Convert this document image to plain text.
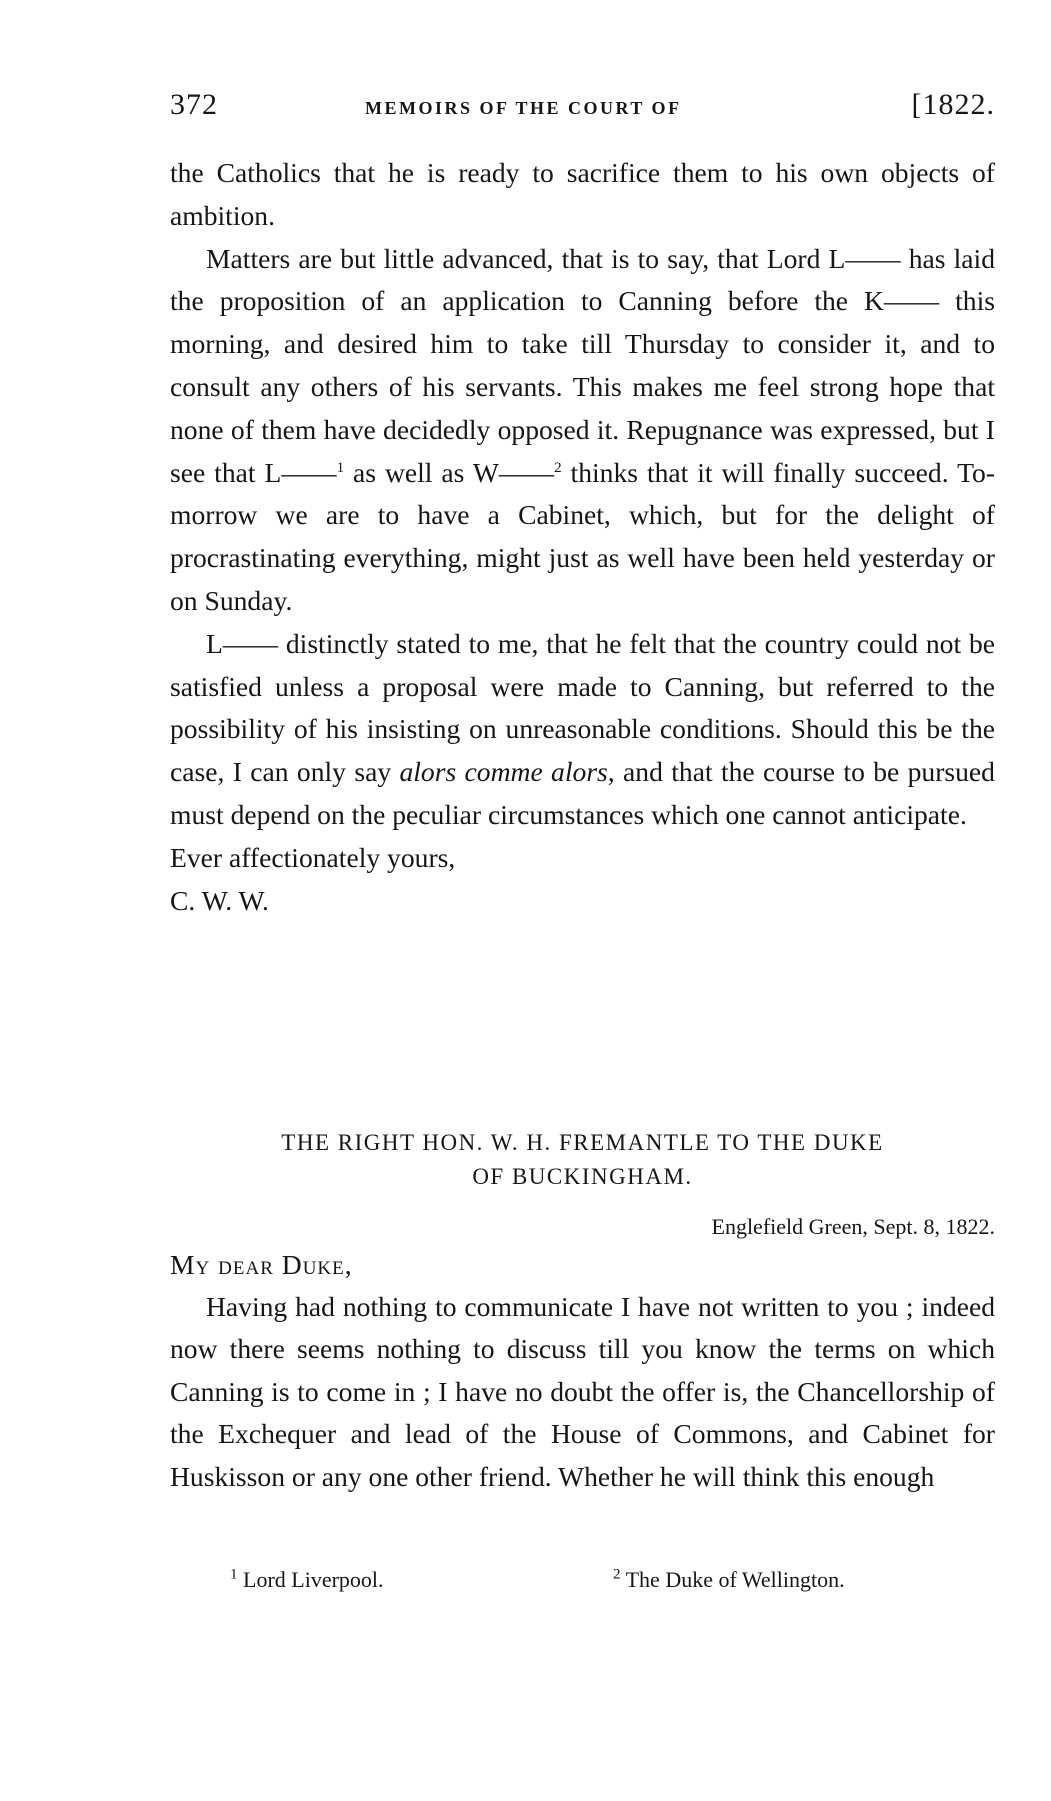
372	MEMOIRS OF THE COURT OF	[1822.

the Catholics that he is ready to sacrifice them to his own objects of ambition.

Matters are but little advanced, that is to say, that Lord L—— has laid the proposition of an application to Canning before the K—— this morning, and desired him to take till Thursday to consider it, and to consult any others of his servants. This makes me feel strong hope that none of them have decidedly opposed it. Repugnance was expressed, but I see that L——$^1$ as well as W——$^2$ thinks that it will finally succeed. To-morrow we are to have a Cabinet, which, but for the delight of procrastinating everything, might just as well have been held yesterday or on Sunday.

L—— distinctly stated to me, that he felt that the country could not be satisfied unless a proposal were made to Canning, but referred to the possibility of his insisting on unreasonable conditions. Should this be the case, I can only say alors comme alors, and that the course to be pursued must depend on the peculiar circumstances which one cannot anticipate.

Ever affectionately yours,

C. W. W.

THE RIGHT HON. W. H. FREMANTLE TO THE DUKE
OF BUCKINGHAM.
Englefield Green, Sept. 8, 1822.
My dear Duke,

Having had nothing to communicate I have not written to you ; indeed now there seems nothing to discuss till you know the terms on which Canning is to come in ; I have no doubt the offer is, the Chancellorship of the Exchequer and lead of the House of Commons, and Cabinet for Huskisson or any one other friend. Whether he will think this enough

$^1$ Lord Liverpool.	$^2$ The Duke of Wellington.
